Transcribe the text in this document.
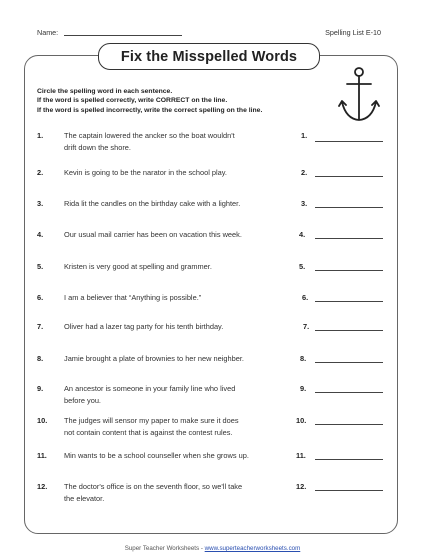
Name:	Spelling List E-10
Fix the Misspelled Words
Circle the spelling word in each sentence.
If the word is spelled correctly, write CORRECT on the line.
If the word is spelled incorrectly, write the correct spelling on the line.
1.	The captain lowered the ancker so the boat wouldn't
drift down the shore.
1.
2.	Kevin is going to be the narator in the school play.	2.
3.	Rida lit the candles on the birthday cake with a lighter.	3.
4.	Our usual mail carrier has been on vacation this week.	4.
5.	Kristen is very good at spelling and grammer.	5.
6.	I am a believer that “Anything is possible.”	6.
7.	Oliver had a lazer tag party for his tenth birthday.	7.
8.	Jamie brought a plate of brownies to her new neighber.	8.
9.	An ancestor is someone in your family line who lived
before you.
9.
10. The judges will sensor my paper to make sure it does
not contain content that is against the contest rules.
10.
11. Min wants to be a school counseller when she grows up.	11.
12. The doctor's office is on the seventh floor, so we'll take
the elevator.
12.
Super Teacher Worksheets - www.superteacherworksheets.com
